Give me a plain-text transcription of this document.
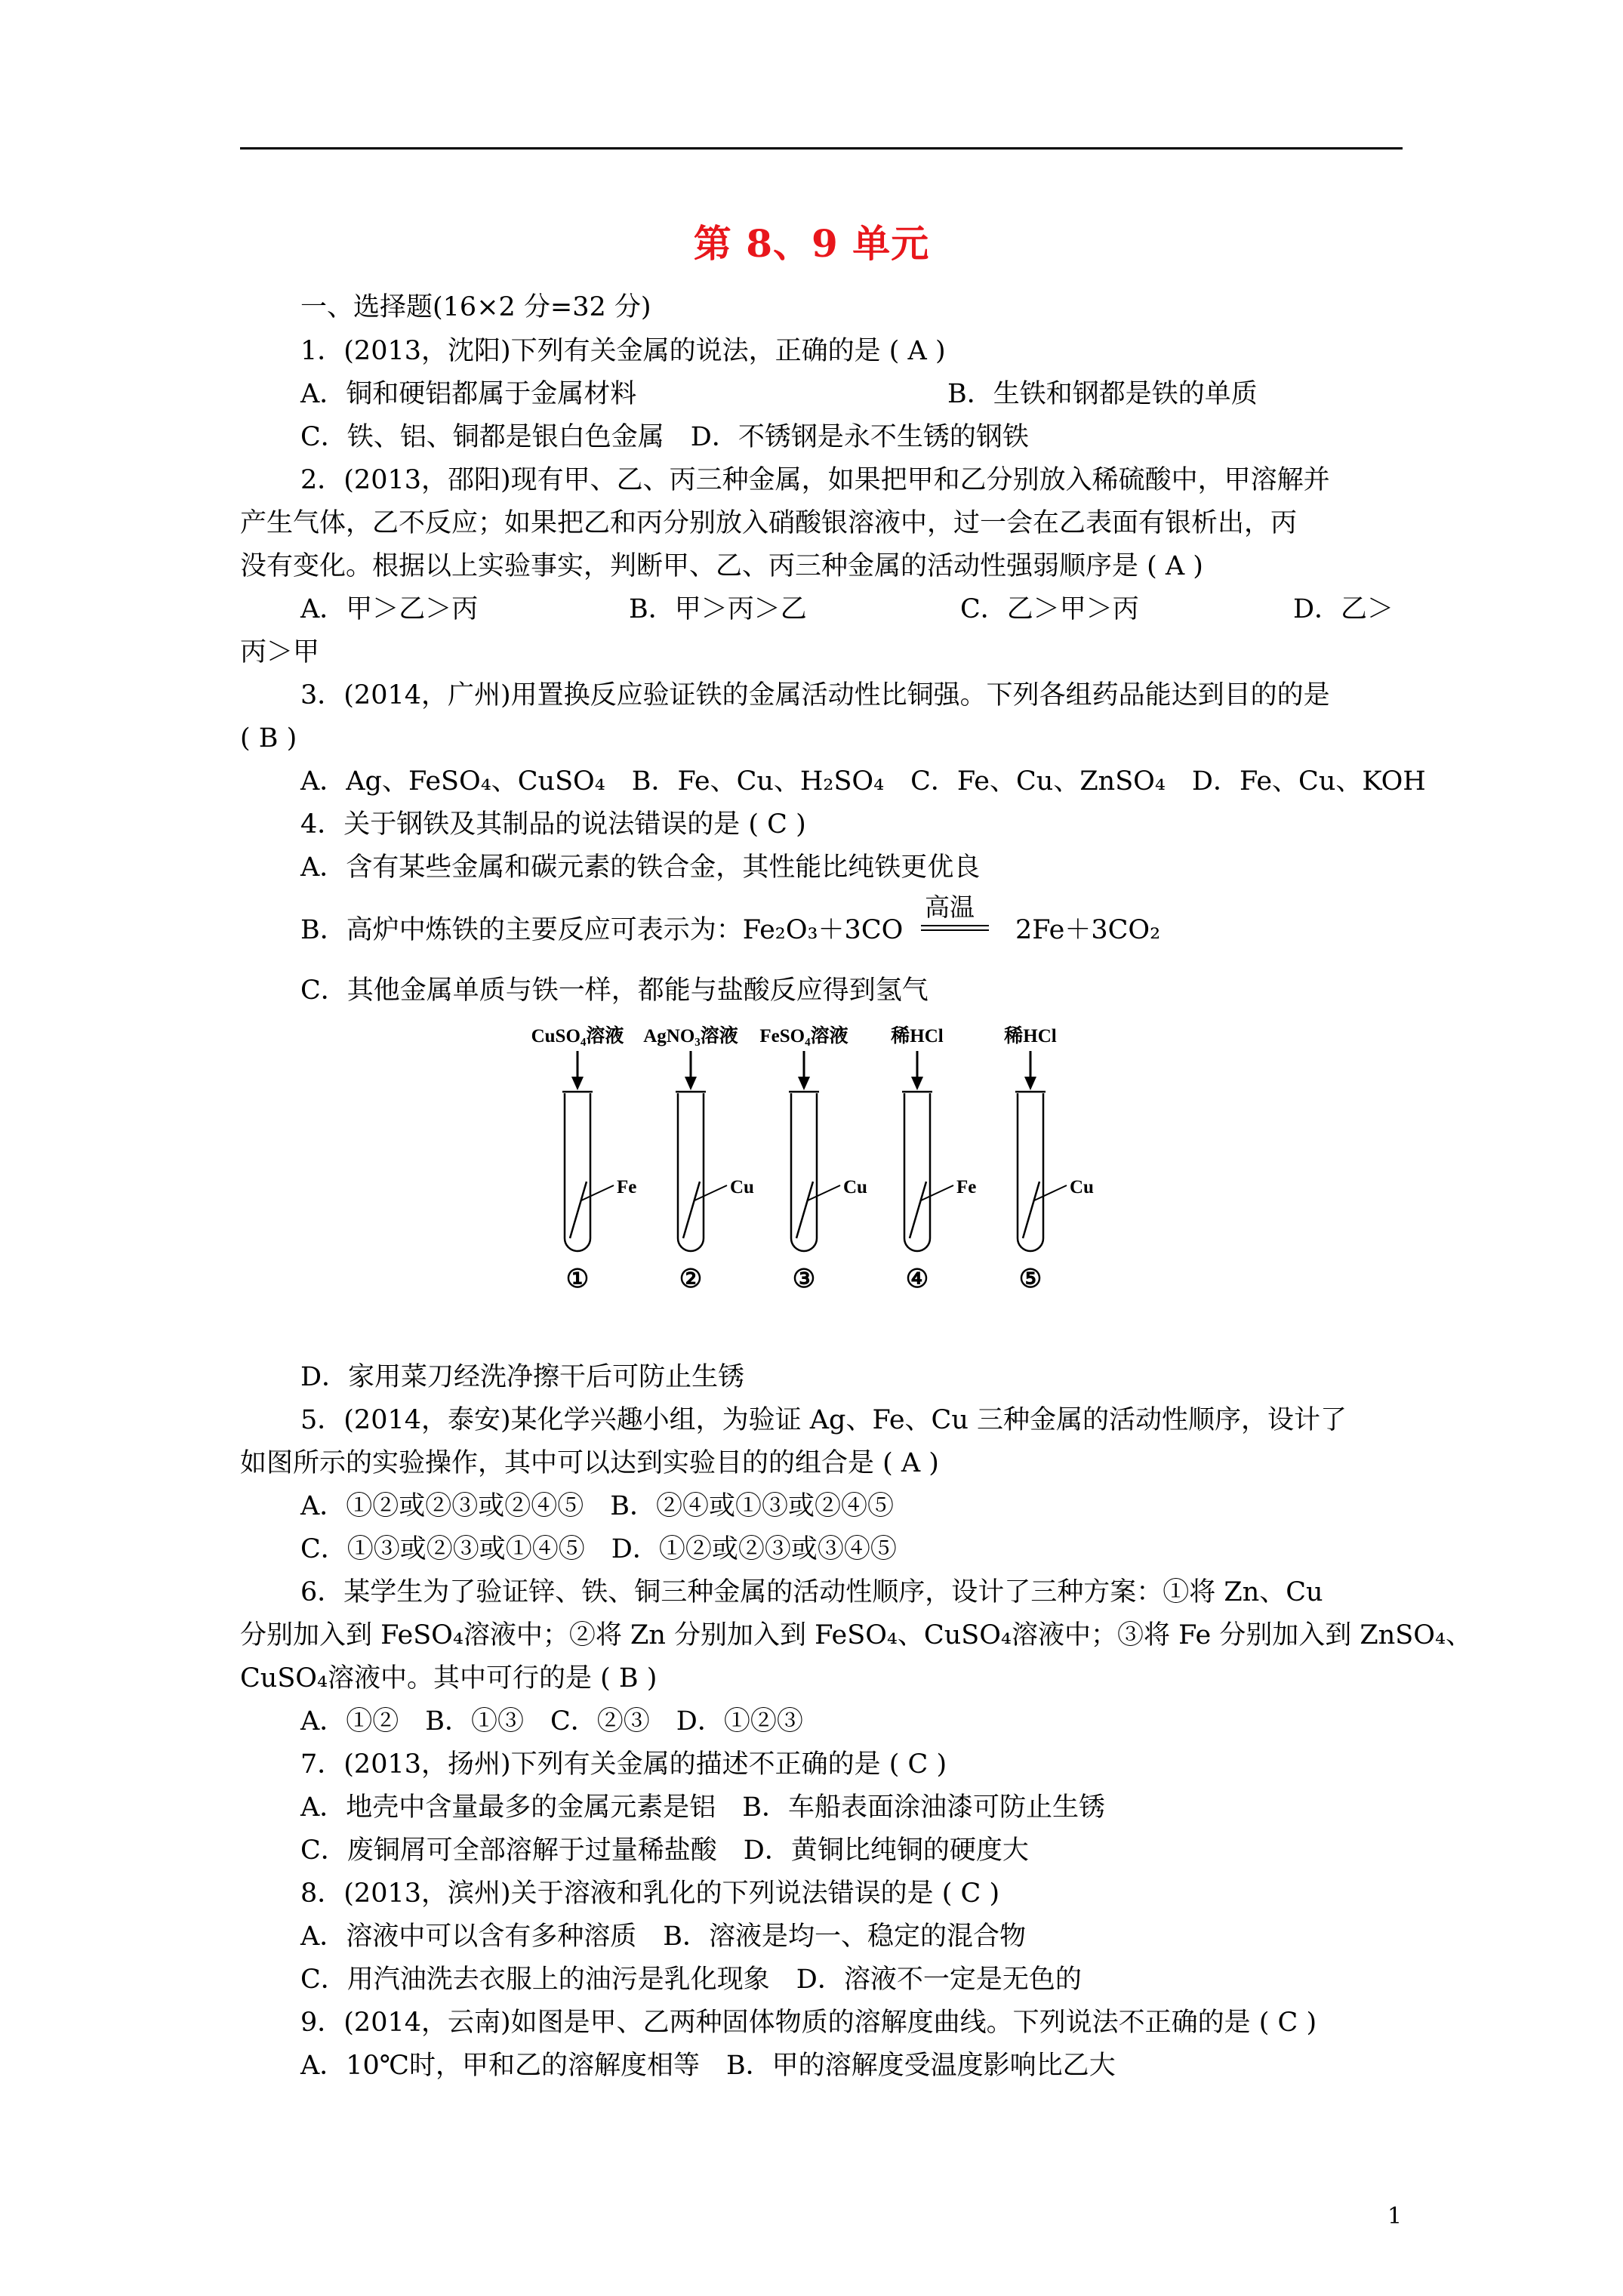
第 8、9 单元
一、选择题(16×2 分=32 分)
1．(2013，沈阳)下列有关金属的说法，正确的是 ( A )
A．铜和硬铝都属于金属材料	B．生铁和钢都是铁的单质
C．铁、铝、铜都是银白色金属　D．不锈钢是永不生锈的钢铁
2．(2013，邵阳)现有甲、乙、丙三种金属，如果把甲和乙分别放入稀硫酸中，甲溶解并
产生气体，乙不反应；如果把乙和丙分别放入硝酸银溶液中，过一会在乙表面有银析出，丙
没有变化。根据以上实验事实，判断甲、乙、丙三种金属的活动性强弱顺序是 ( A )
A．甲＞乙＞丙	B．甲＞丙＞乙	C．乙＞甲＞丙	D．乙＞
丙＞甲
3．(2014，广州)用置换反应验证铁的金属活动性比铜强。下列各组药品能达到目的的是
( B )
A．Ag、FeSO₄、CuSO₄　B．Fe、Cu、H₂SO₄　C．Fe、Cu、ZnSO₄　D．Fe、Cu、KOH
4．关于钢铁及其制品的说法错误的是 ( C )
A．含有某些金属和碳元素的铁合金，其性能比纯铁更优良
B．高炉中炼铁的主要反应可表示为：Fe₂O₃＋3CO
高温
2Fe＋3CO₂
C．其他金属单质与铁一样，都能与盐酸反应得到氢气
CuSO₄溶液
Fe
①
AgNO₃溶液
Cu
②
FeSO₄溶液
Cu
③
稀HCl
Fe
④
稀HCl
Cu
⑤
D．家用菜刀经洗净擦干后可防止生锈
5．(2014，泰安)某化学兴趣小组，为验证 Ag、Fe、Cu 三种金属的活动性顺序，设计了
如图所示的实验操作，其中可以达到实验目的的组合是 ( A )
A．①②或②③或②④⑤　B．②④或①③或②④⑤
C．①③或②③或①④⑤　D．①②或②③或③④⑤
6．某学生为了验证锌、铁、铜三种金属的活动性顺序，设计了三种方案：①将 Zn、Cu
分别加入到 FeSO₄溶液中；②将 Zn 分别加入到 FeSO₄、CuSO₄溶液中；③将 Fe 分别加入到 ZnSO₄、
CuSO₄溶液中。其中可行的是 ( B )
A．①②　B．①③　C．②③　D．①②③
7．(2013，扬州)下列有关金属的描述不正确的是 ( C )
A．地壳中含量最多的金属元素是铝　B．车船表面涂油漆可防止生锈
C．废铜屑可全部溶解于过量稀盐酸　D．黄铜比纯铜的硬度大
8．(2013，滨州)关于溶液和乳化的下列说法错误的是 ( C )
A．溶液中可以含有多种溶质　B．溶液是均一、稳定的混合物
C．用汽油洗去衣服上的油污是乳化现象　D．溶液不一定是无色的
9．(2014，云南)如图是甲、乙两种固体物质的溶解度曲线。下列说法不正确的是 ( C )
A．10℃时，甲和乙的溶解度相等　B．甲的溶解度受温度影响比乙大
1
